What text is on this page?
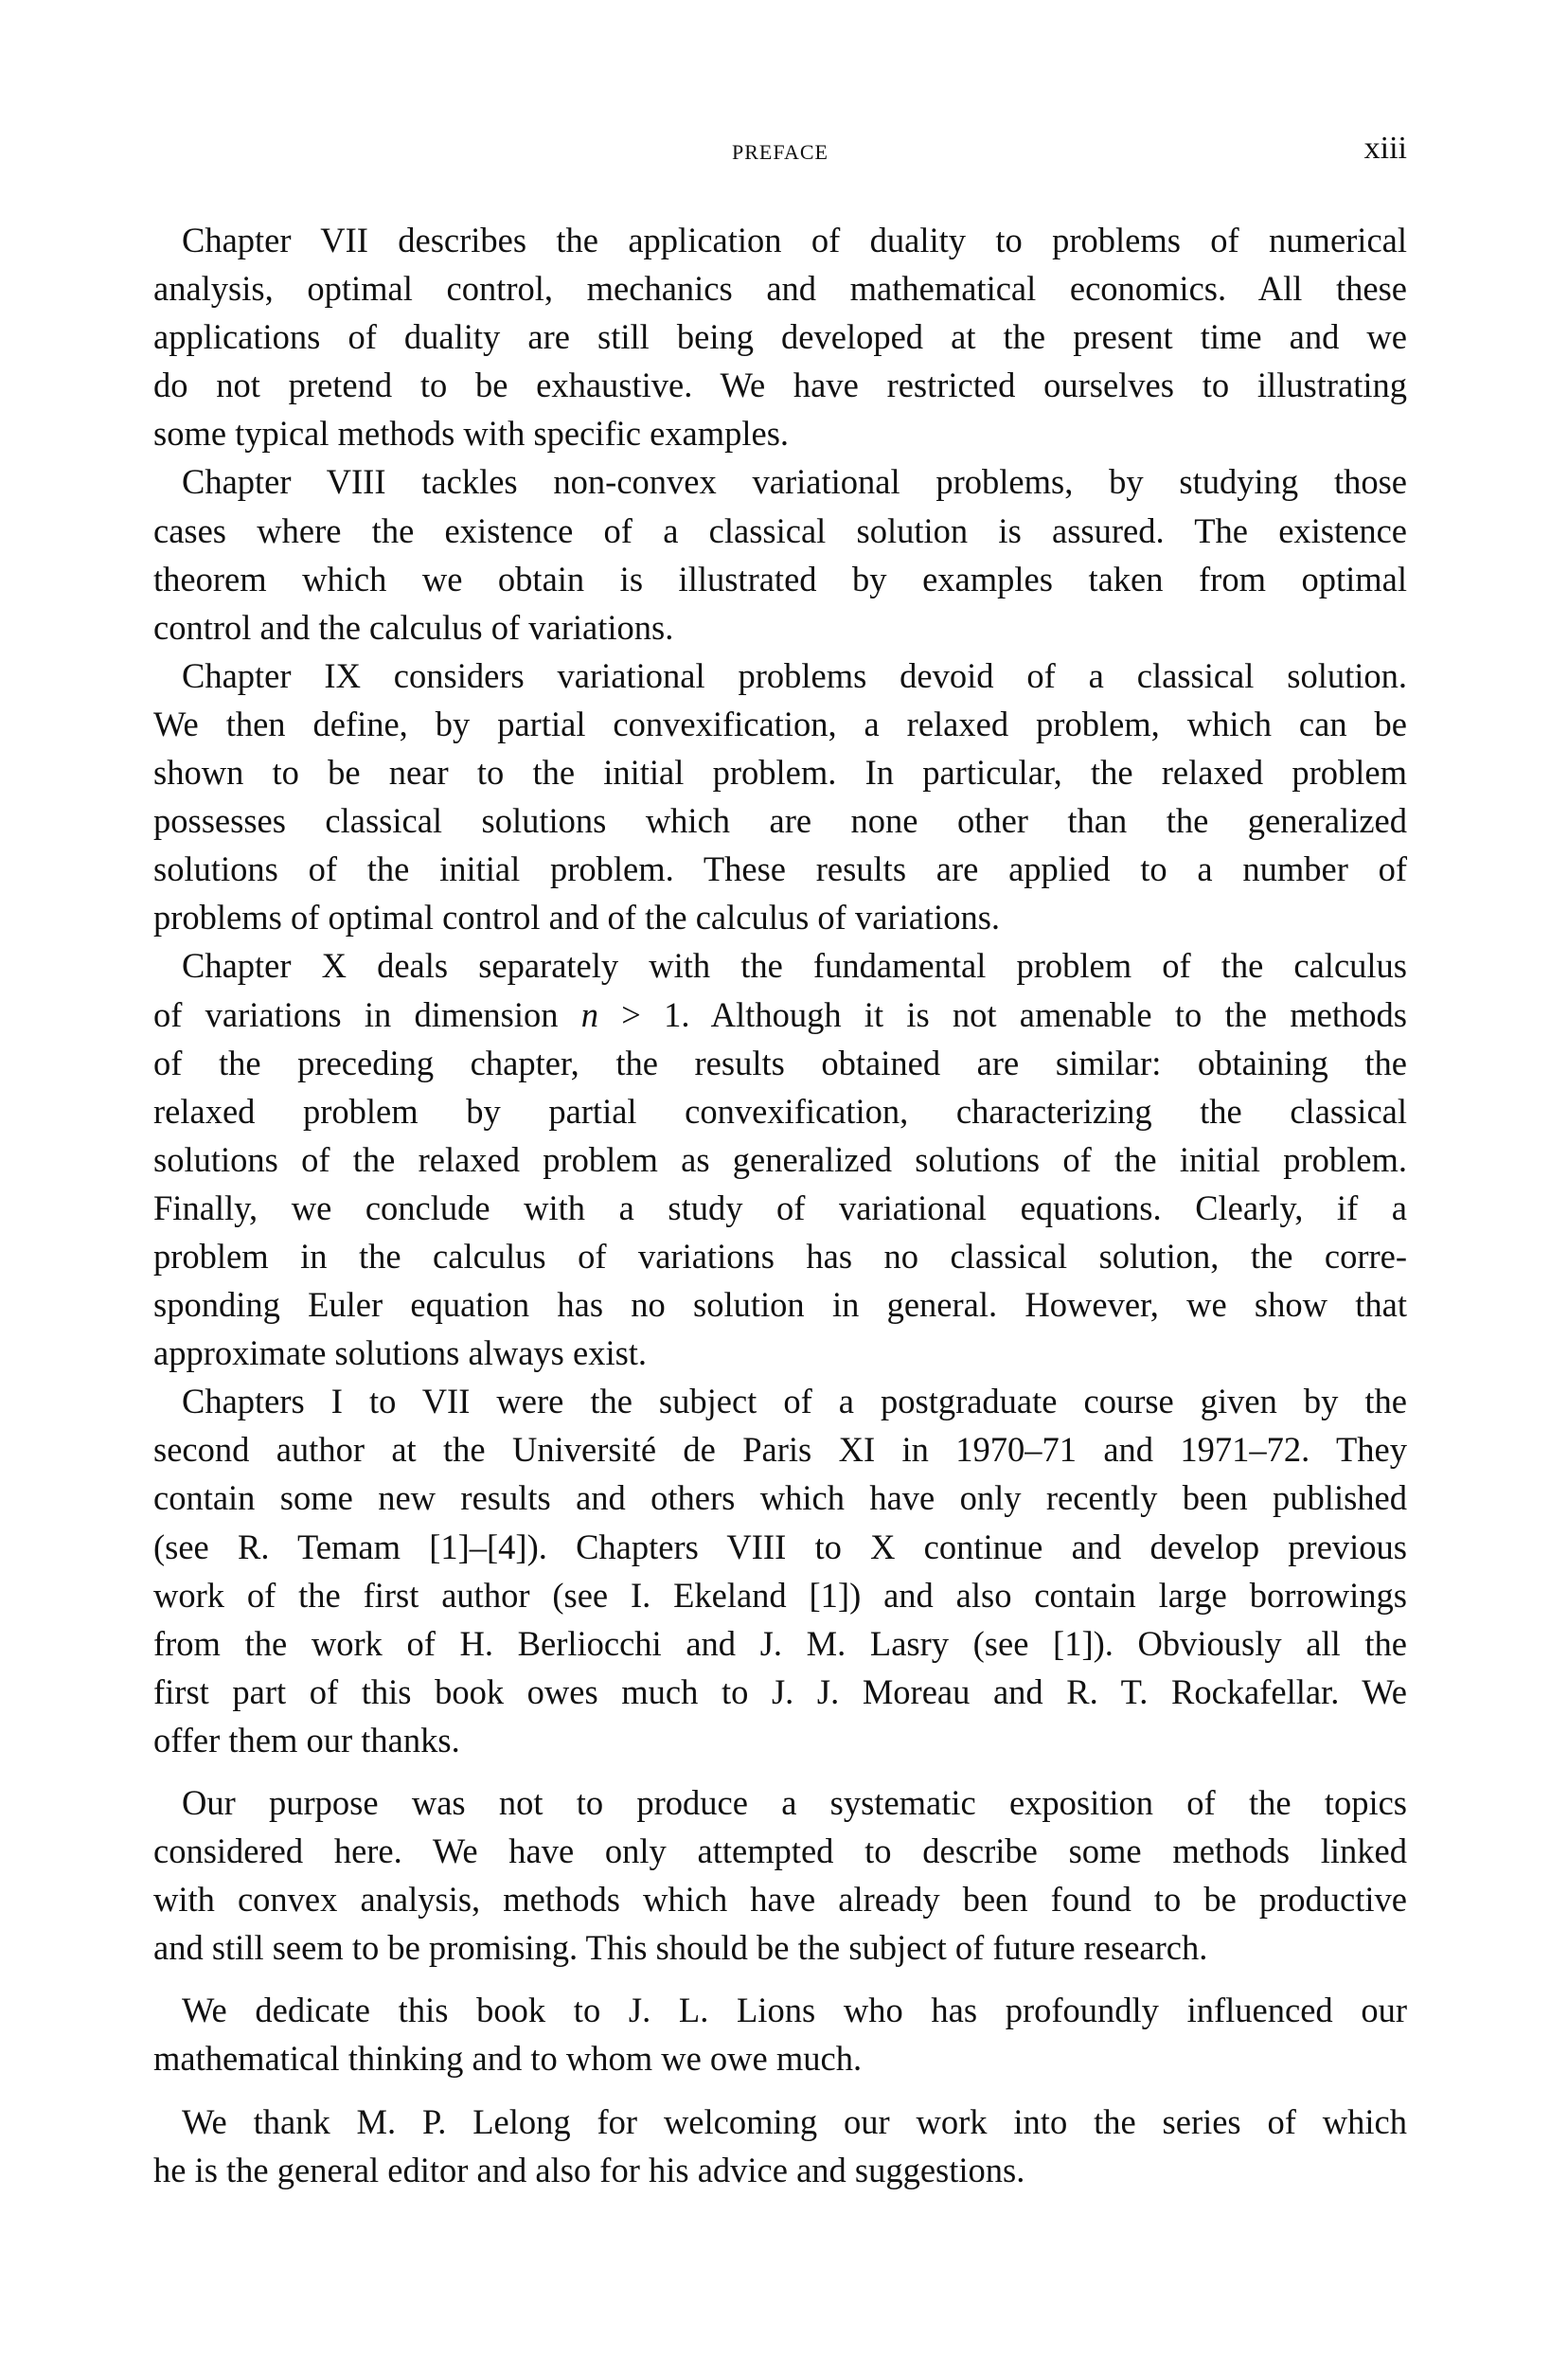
PREFACE	xiii
Chapter VII describes the application of duality to problems of numerical
analysis, optimal control, mechanics and mathematical economics. All these
applications of duality are still being developed at the present time and we
do not pretend to be exhaustive. We have restricted ourselves to illustrating
some typical methods with specific examples.
Chapter VIII tackles non-convex variational problems, by studying those
cases where the existence of a classical solution is assured. The existence
theorem which we obtain is illustrated by examples taken from optimal
control and the calculus of variations.
Chapter IX considers variational problems devoid of a classical solution.
We then define, by partial convexification, a relaxed problem, which can be
shown to be near to the initial problem. In particular, the relaxed problem
possesses classical solutions which are none other than the generalized
solutions of the initial problem. These results are applied to a number of
problems of optimal control and of the calculus of variations.
Chapter X deals separately with the fundamental problem of the calculus
of variations in dimension n > 1. Although it is not amenable to the methods
of the preceding chapter, the results obtained are similar: obtaining the
relaxed problem by partial convexification, characterizing the classical
solutions of the relaxed problem as generalized solutions of the initial problem.
Finally, we conclude with a study of variational equations. Clearly, if a
problem in the calculus of variations has no classical solution, the corre-
sponding Euler equation has no solution in general. However, we show that
approximate solutions always exist.
Chapters I to VII were the subject of a postgraduate course given by the
second author at the Université de Paris XI in 1970–71 and 1971–72. They
contain some new results and others which have only recently been published
(see R. Temam [1]–[4]). Chapters VIII to X continue and develop previous
work of the first author (see I. Ekeland [1]) and also contain large borrowings
from the work of H. Berliocchi and J. M. Lasry (see [1]). Obviously all the
first part of this book owes much to J. J. Moreau and R. T. Rockafellar. We
offer them our thanks.
Our purpose was not to produce a systematic exposition of the topics
considered here. We have only attempted to describe some methods linked
with convex analysis, methods which have already been found to be productive
and still seem to be promising. This should be the subject of future research.
We dedicate this book to J. L. Lions who has profoundly influenced our
mathematical thinking and to whom we owe much.
We thank M. P. Lelong for welcoming our work into the series of which
he is the general editor and also for his advice and suggestions.
